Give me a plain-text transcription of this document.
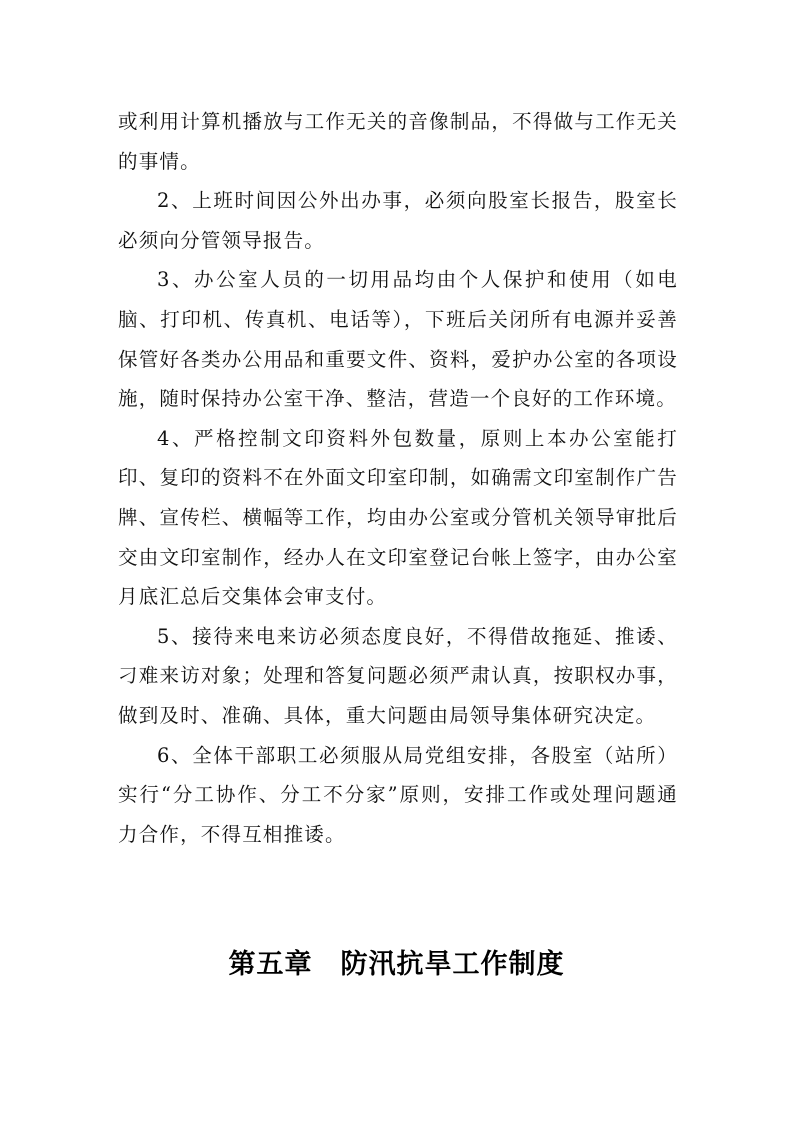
或利用计算机播放与工作无关的音像制品，不得做与工作无关的事情。

2、上班时间因公外出办事，必须向股室长报告，股室长必须向分管领导报告。

3、办公室人员的一切用品均由个人保护和使用（如电脑、打印机、传真机、电话等），下班后关闭所有电源并妥善保管好各类办公用品和重要文件、资料，爱护办公室的各项设施，随时保持办公室干净、整洁，营造一个良好的工作环境。

4、严格控制文印资料外包数量，原则上本办公室能打印、复印的资料不在外面文印室印制，如确需文印室制作广告牌、宣传栏、横幅等工作，均由办公室或分管机关领导审批后交由文印室制作，经办人在文印室登记台帐上签字，由办公室月底汇总后交集体会审支付。

5、接待来电来访必须态度良好，不得借故拖延、推诿、刁难来访对象；处理和答复问题必须严肃认真，按职权办事，做到及时、准确、具体，重大问题由局领导集体研究决定。

6、全体干部职工必须服从局党组安排，各股室（站所）实行“分工协作、分工不分家”原则，安排工作或处理问题通力合作，不得互相推诿。

第五章　防汛抗旱工作制度
